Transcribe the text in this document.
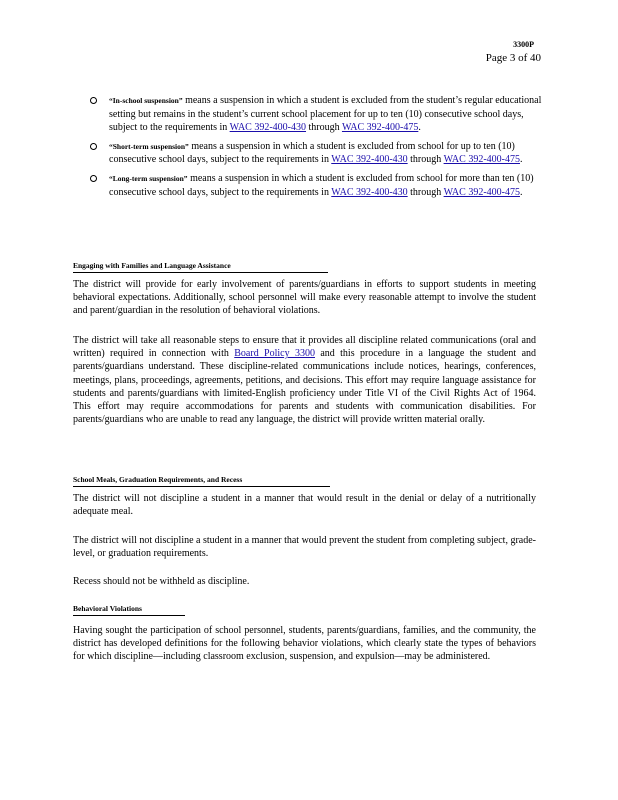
3300P
Page 3 of 40
“In-school suspension” means a suspension in which a student is excluded from the student’s regular educational setting but remains in the student’s current school placement for up to ten (10) consecutive school days, subject to the requirements in WAC 392-400-430 through WAC 392-400-475.
“Short-term suspension” means a suspension in which a student is excluded from school for up to ten (10) consecutive school days, subject to the requirements in WAC 392-400-430 through WAC 392-400-475.
“Long-term suspension” means a suspension in which a student is excluded from school for more than ten (10) consecutive school days, subject to the requirements in WAC 392-400-430 through WAC 392-400-475.
Engaging with Families and Language Assistance
The district will provide for early involvement of parents/guardians in efforts to support students in meeting behavioral expectations. Additionally, school personnel will make every reasonable attempt to involve the student and parent/guardian in the resolution of behavioral violations.
The district will take all reasonable steps to ensure that it provides all discipline related communications (oral and written) required in connection with Board Policy 3300 and this procedure in a language the student and parents/guardians understand. These discipline-related communications include notices, hearings, conferences, meetings, plans, proceedings, agreements, petitions, and decisions. This effort may require language assistance for students and parents/guardians with limited-English proficiency under Title VI of the Civil Rights Act of 1964. This effort may require accommodations for parents and students with communication disabilities. For parents/guardians who are unable to read any language, the district will provide written material orally.
School Meals, Graduation Requirements, and Recess
The district will not discipline a student in a manner that would result in the denial or delay of a nutritionally adequate meal.
The district will not discipline a student in a manner that would prevent the student from completing subject, grade-level, or graduation requirements.
Recess should not be withheld as discipline.
Behavioral Violations
Having sought the participation of school personnel, students, parents/guardians, families, and the community, the district has developed definitions for the following behavior violations, which clearly state the types of behaviors for which discipline—including classroom exclusion, suspension, and expulsion—may be administered.
